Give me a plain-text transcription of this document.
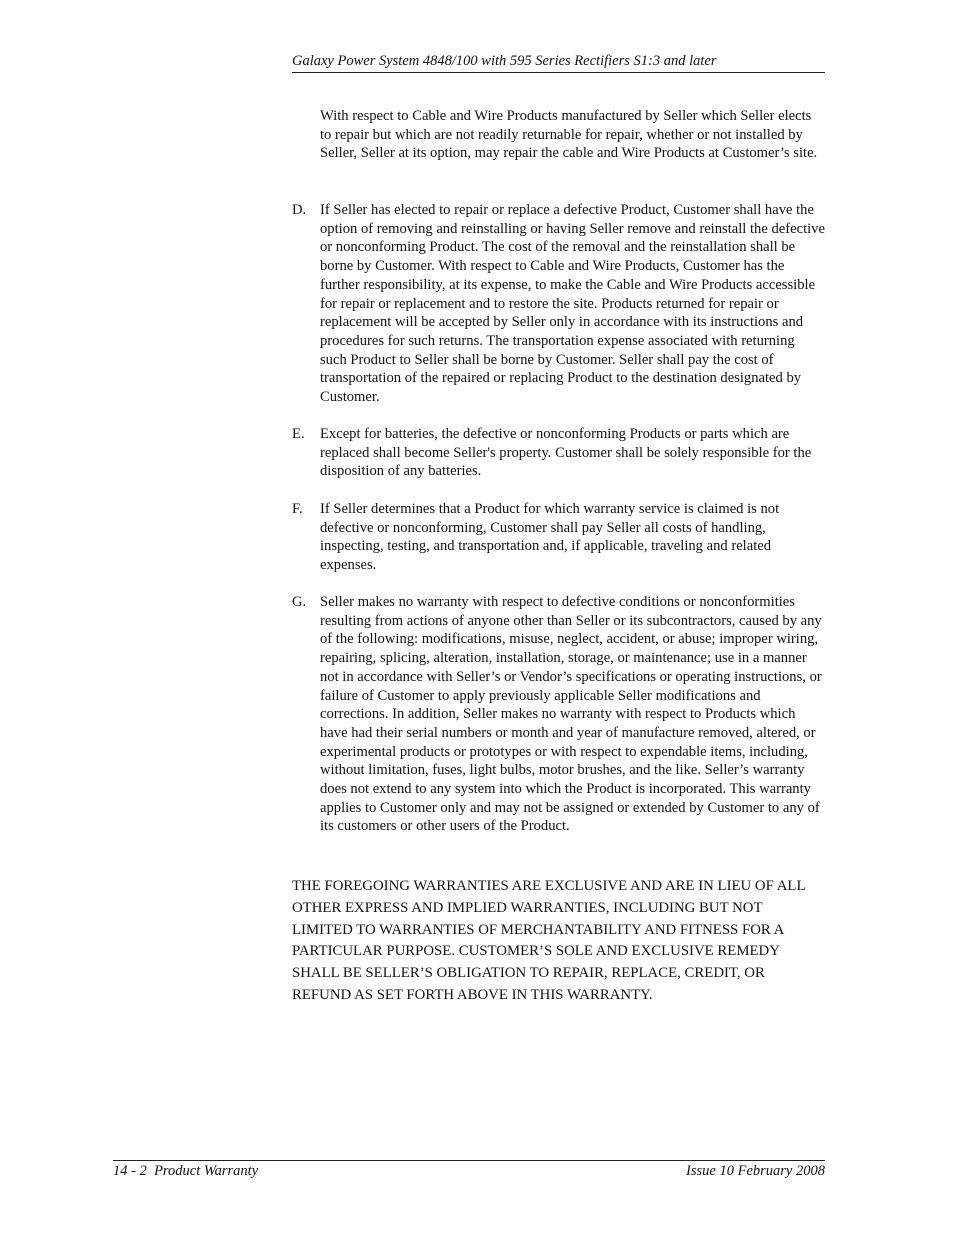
Galaxy Power System 4848/100 with 595 Series Rectifiers S1:3 and later

With respect to Cable and Wire Products manufactured by Seller which Seller elects to repair but which are not readily returnable for repair, whether or not installed by Seller, Seller at its option, may repair the cable and Wire Products at Customer’s site.

D. If Seller has elected to repair or replace a defective Product, Customer shall have the option of removing and reinstalling or having Seller remove and reinstall the defective or nonconforming Product. The cost of the removal and the reinstallation shall be borne by Customer. With respect to Cable and Wire Products, Customer has the further responsibility, at its expense, to make the Cable and Wire Products accessible for repair or replacement and to restore the site. Products returned for repair or replacement will be accepted by Seller only in accordance with its instructions and procedures for such returns. The transportation expense associated with returning such Product to Seller shall be borne by Customer. Seller shall pay the cost of transportation of the repaired or replacing Product to the destination designated by Customer.
E.	Except for batteries, the defective or nonconforming Products or parts which are replaced shall become Seller's property. Customer shall be solely responsible for the disposition of any batteries.
F.	If Seller determines that a Product for which warranty service is claimed is not defective or nonconforming, Customer shall pay Seller all costs of handling, inspecting, testing, and transportation and, if applicable, traveling and related expenses.
G. Seller makes no warranty with respect to defective conditions or nonconformities resulting from actions of anyone other than Seller or its subcontractors, caused by any of the following: modifications, misuse, neglect, accident, or abuse; improper wiring, repairing, splicing, alteration, installation, storage, or maintenance; use in a manner not in accordance with Seller’s or Vendor’s specifications or operating instructions, or failure of Customer to apply previously applicable Seller modifications and corrections. In addition, Seller makes no warranty with respect to Products which have had their serial numbers or month and year of manufacture removed, altered, or experimental products or prototypes or with respect to expendable items, including, without limitation, fuses, light bulbs, motor brushes, and the like. Seller’s warranty does not extend to any system into which the Product is incorporated. This warranty applies to Customer only and may not be assigned or extended by Customer to any of its customers or other users of the Product.
THE FOREGOING WARRANTIES ARE EXCLUSIVE AND ARE IN LIEU OF ALL OTHER EXPRESS AND IMPLIED WARRANTIES, INCLUDING BUT NOT LIMITED TO WARRANTIES OF MERCHANTABILITY AND FITNESS FOR A PARTICULAR PURPOSE. CUSTOMER’S SOLE AND EXCLUSIVE REMEDY SHALL BE SELLER’S OBLIGATION TO REPAIR, REPLACE, CREDIT, OR REFUND AS SET FORTH ABOVE IN THIS WARRANTY.
14 - 2  Product Warranty	Issue 10 February 2008
